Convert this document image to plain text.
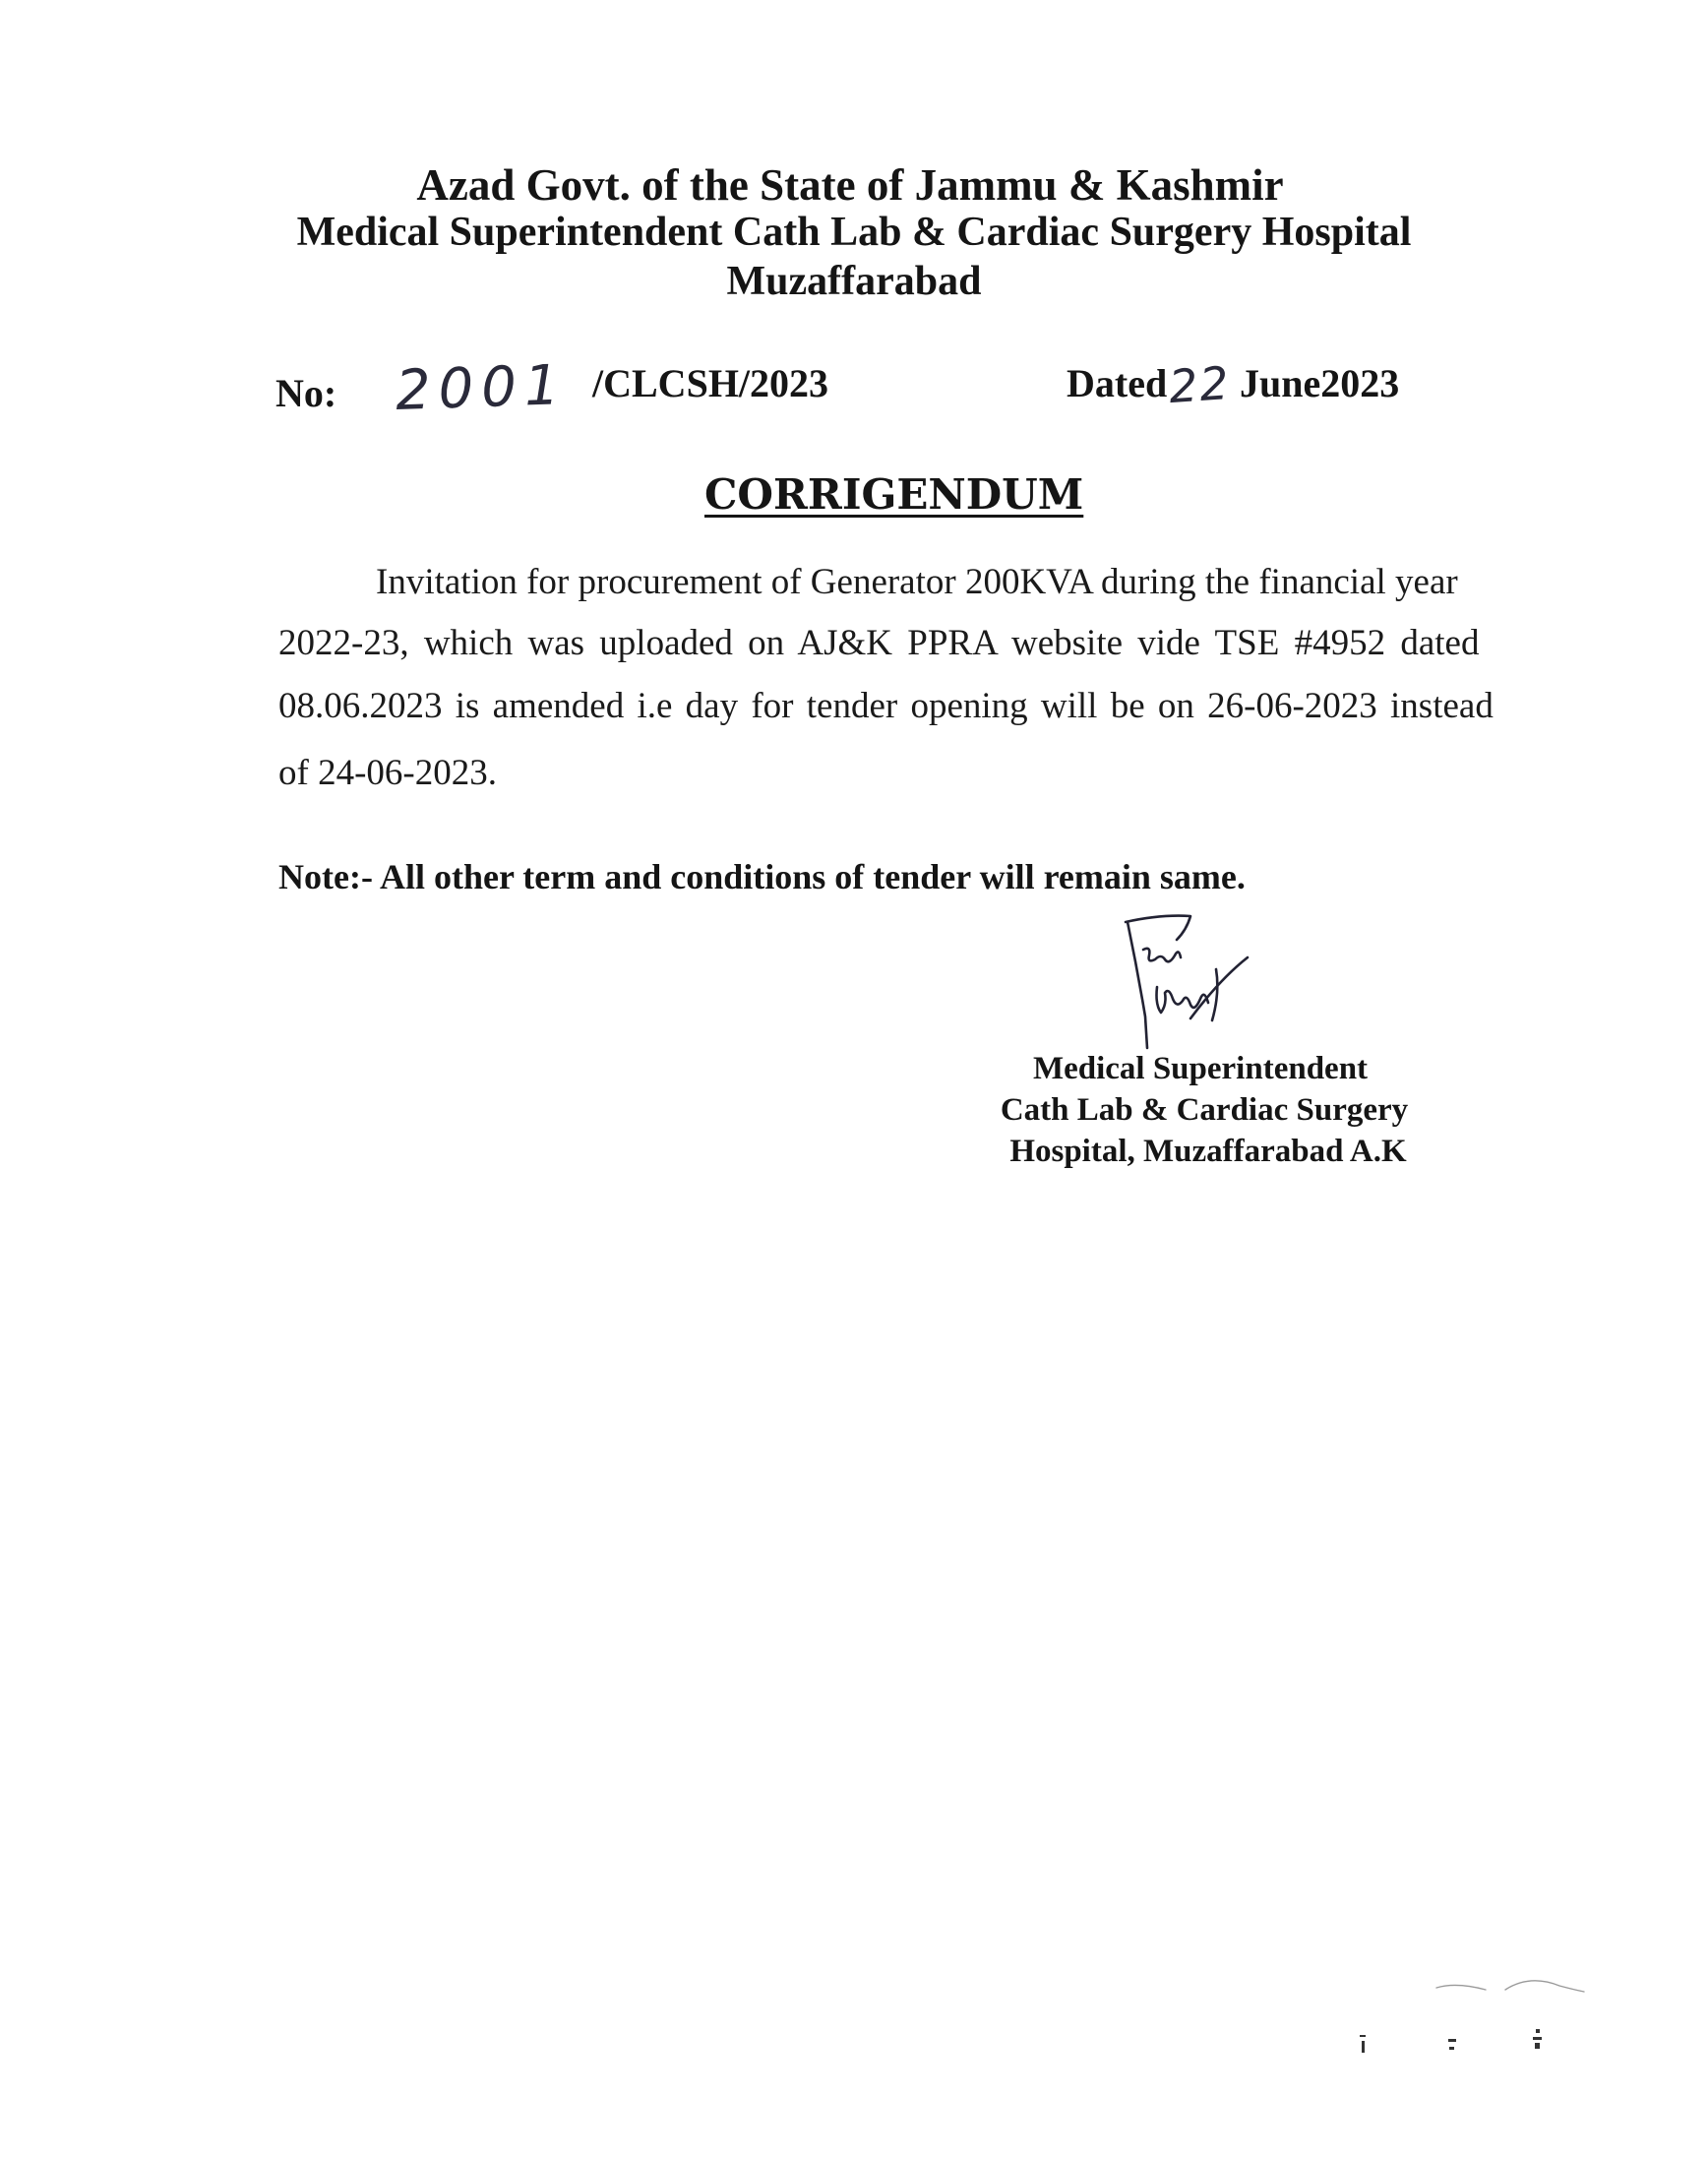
Azad Govt. of the State of Jammu & Kashmir
Medical Superintendent Cath Lab & Cardiac Surgery Hospital
Muzaffarabad
No: 2001 /CLCSH/2023	Dated 22 June2023
CORRIGENDUM
Invitation for procurement of Generator 200KVA during the financial year
2022-23, which was uploaded on AJ&K PPRA website vide TSE #4952 dated
08.06.2023 is amended i.e day for tender opening will be on 26-06-2023 instead
of 24-06-2023.
Note:- All other term and conditions of tender will remain same.
Medical Superintendent
Cath Lab & Cardiac Surgery
Hospital, Muzaffarabad A.K
